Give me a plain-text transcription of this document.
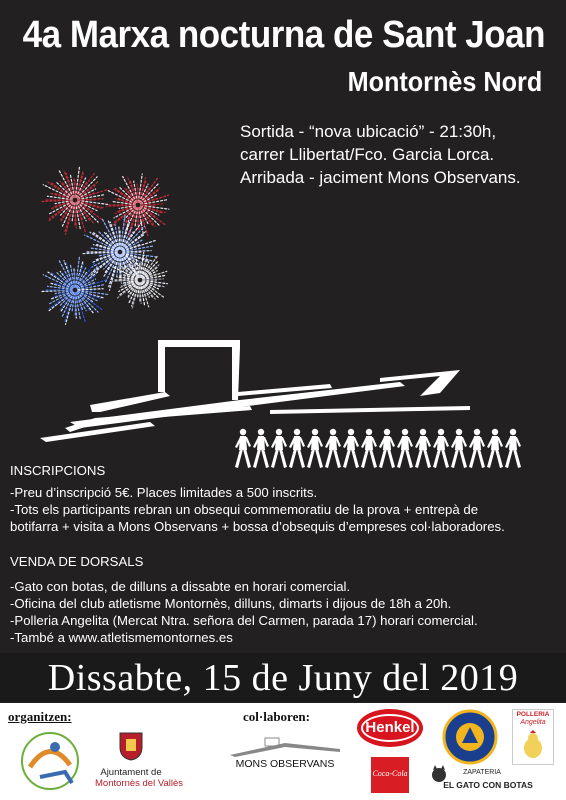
4a Marxa nocturna de Sant Joan
Montornès Nord
Sortida - “nova ubicació” - 21:30h,
carrer Llibertat/Fco. Garcia Lorca.
Arribada - jaciment Mons Observans.
INSCRIPCIONS
-Preu d’inscripció 5€. Places limitades a 500 inscrits.
-Tots els participants rebran un obsequi commemoratiu de la prova + entrepà de
botifarra + visita a Mons Observans + bossa d’obsequis d’empreses col·laboradores.
VENDA DE DORSALS
-Gato con botas, de dilluns a dissabte en horari comercial.
-Oficina del club atletisme Montornès, dilluns, dimarts i dijous de 18h a 20h.
-Polleria Angelita (Mercat Ntra. señora del Carmen, parada 17) horari comercial.
-També a www.atletismemontornes.es
Dissabte, 15 de Juny del 2019
organitzen:	col·laboren:
Ajuntament de
Montornès del Vallès
MONS OBSERVANS
Henkel
Coca-Cola
POLLERIA
Angelita
ZAPATERIA
EL GATO CON BOTAS
